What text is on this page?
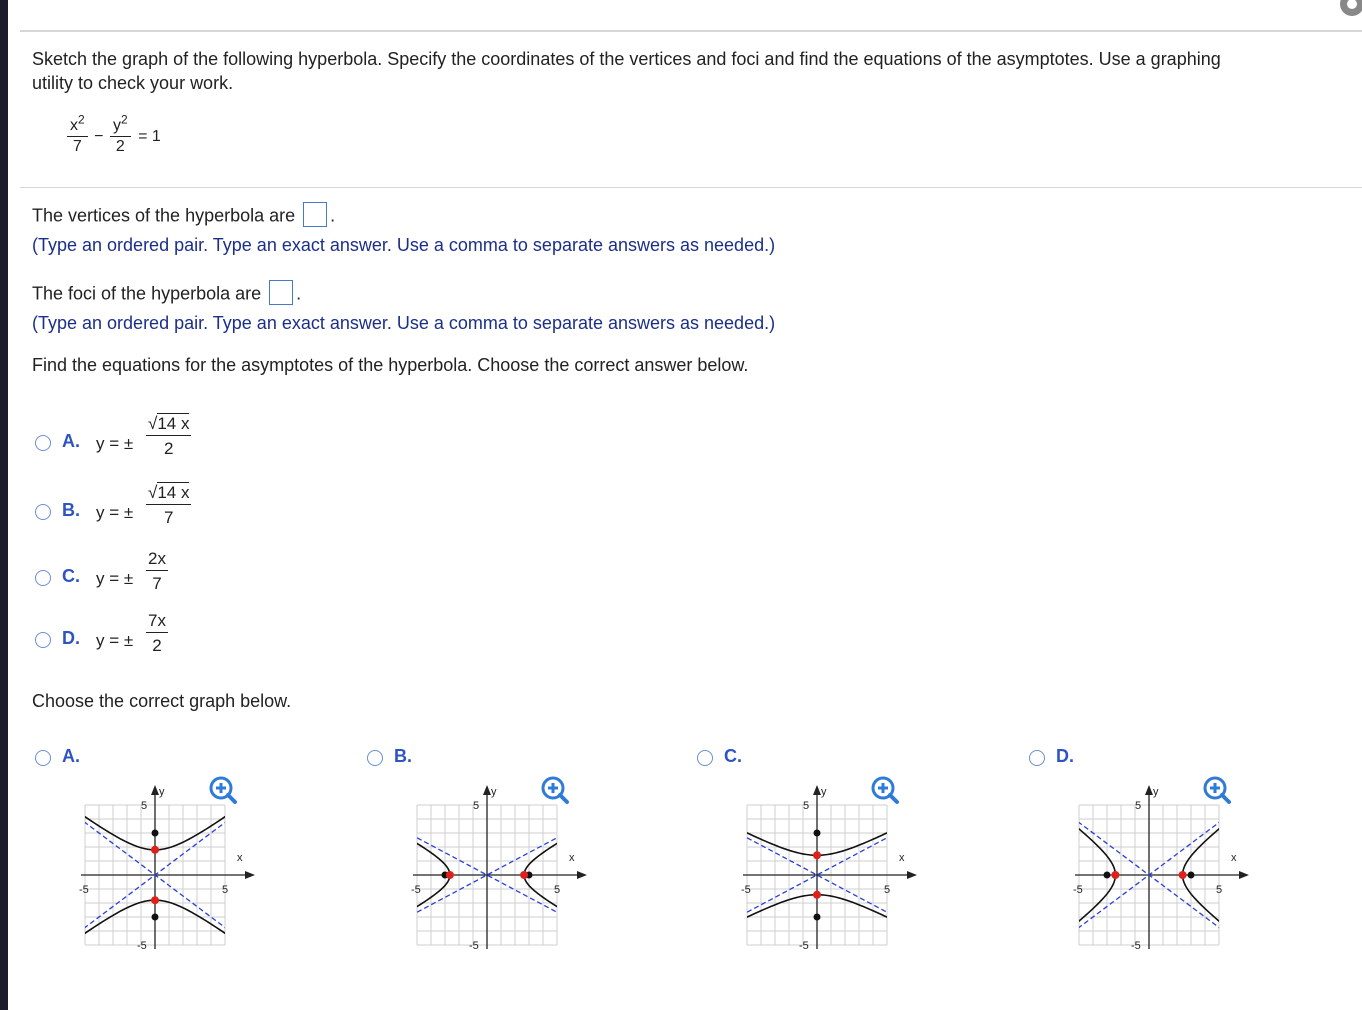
Sketch the graph of the following hyperbola. Specify the coordinates of the vertices and foci and find the equations of the asymptotes. Use a graphing
utility to check your work.
$\frac{x^2}{7} - \frac{y^2}{2} = 1$
The vertices of the hyperbola are .
(Type an ordered pair. Type an exact answer. Use a comma to separate answers as needed.)
The foci of the hyperbola are .
(Type an ordered pair. Type an exact answer. Use a comma to separate answers as needed.)
Find the equations for the asymptotes of the hyperbola. Choose the correct answer below.
A. y = ± $\frac{√14 x}{2}$
B. y = ± $\frac{√14 x}{7}$
C. y = ± $\frac{2x}{7}$
D. y = ± $\frac{7x}{2}$
Choose the correct graph below.
A.
x
y
5
-5
5
-5
B.
x
y
5
-5
5
-5
C.
x
y
5
-5
5
-5
D.
x
y
5
-5
5
-5
